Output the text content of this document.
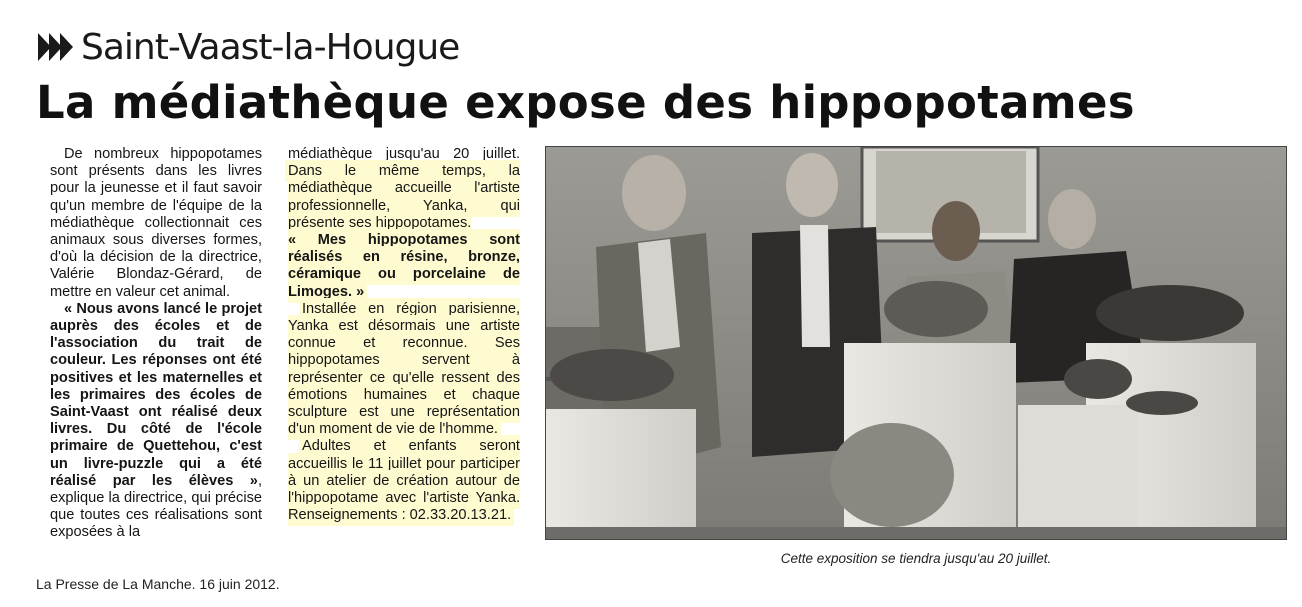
Saint-Vaast-la-Hougue
La médiathèque expose des hippopotames

De nombreux hippopotames sont présents dans les livres pour la jeunesse et il faut savoir qu'un membre de l'équipe de la médiathèque collectionnait ces animaux sous diverses formes, d'où la décision de la directrice, Valérie Blondaz-Gérard, de mettre en valeur cet animal.

« Nous avons lancé le projet auprès des écoles et de l'association du trait de couleur. Les réponses ont été positives et les maternelles et les primaires des écoles de Saint-Vaast ont réalisé deux livres. Du côté de l'école primaire de Quettehou, c'est un livre-puzzle qui a été réalisé par les élèves », explique la directrice, qui précise que toutes ces réalisations sont exposées à la

médiathèque jusqu'au 20 juillet. Dans le même temps, la médiathèque accueille l'artiste professionnelle, Yanka, qui présente ses hippopotames.
« Mes hippopotames sont réalisés en résine, bronze, céramique ou porcelaine de Limoges. »

Installée en région parisienne, Yanka est désormais une artiste connue et reconnue. Ses hippopotames servent à représenter ce qu'elle ressent des émotions humaines et chaque sculpture est une représentation d'un moment de vie de l'homme.

Adultes et enfants seront accueillis le 11 juillet pour participer à un atelier de création autour de l'hippopotame avec l'artiste Yanka. Renseignements : 02.33.20.13.21.

Cette exposition se tiendra jusqu'au 20 juillet.
La Presse de La Manche. 16 juin 2012.
